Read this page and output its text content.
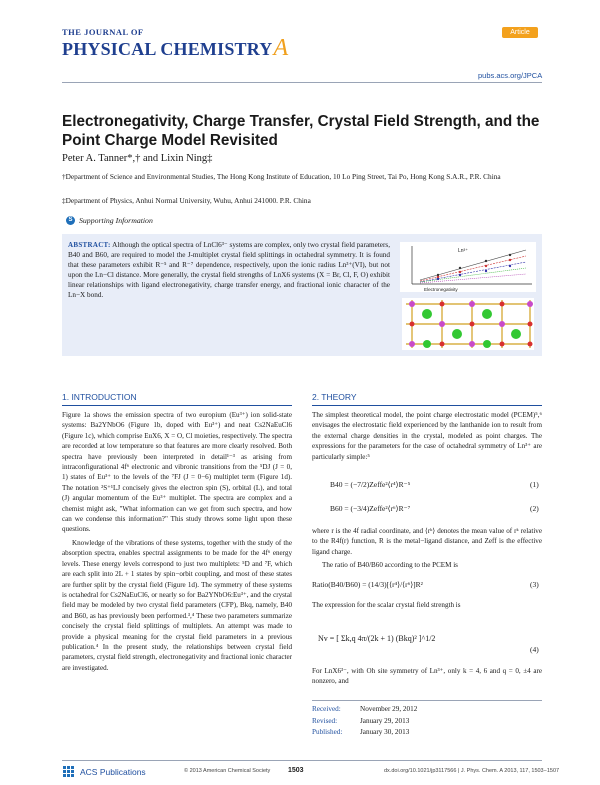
THE JOURNAL OF
PHYSICAL CHEMISTRYA
Article
pubs.acs.org/JPCA
Electronegativity, Charge Transfer, Crystal Field Strength, and the Point Charge Model Revisited
Peter A. Tanner*,† and Lixin Ning‡
†Department of Science and Environmental Studies, The Hong Kong Institute of Education, 10 Lo Ping Street, Tai Po, Hong Kong S.A.R., P.R. China
‡Department of Physics, Anhui Normal University, Wuhu, Anhui 241000. P.R. China
S Supporting Information
ABSTRACT: Although the optical spectra of LnCl6³⁻ systems are complex, only two crystal field parameters, B40 and B60, are required to model the J-multiplet crystal field splittings in octahedral symmetry. It is found that these parameters exhibit R⁻⁵ and R⁻⁷ dependence, respectively, upon the ionic radius Ln³⁺(VI), but not upon the Ln−Cl distance. More generally, the crystal field strengths of LnX6 systems (X = Br, Cl, F, O) exhibit linear relationships with ligand electronegativity, charge transfer energy, and fractional ionic character of the Ln−X bond.
Ln³⁺
Electronegativity
1. INTRODUCTION

Figure 1a shows the emission spectra of two europium (Eu³⁺) ion solid-state systems: Ba2YNbO6 (Figure 1b, doped with Eu³⁺) and neat Cs2NaEuCl6 (Figure 1c), which comprise EuX6, X = O, Cl moieties, respectively. The spectra are recorded at low temperature so that features are more clearly resolved. Both spectra have previously been interpreted in detail¹⁻³ as arising from intraconfigurational 4f⁶ electronic and vibronic transitions from the ⁵DJ (J = 0, 1) states of Eu³⁺ to the levels of the ⁷FJ (J = 0−6) multiplet term (Figure 1d). The notation ²S⁺¹LJ concisely gives the electron spin (S), orbital (L), and total (J) angular momentum of the Eu³⁺ multiplet. The spectra are complex and a chemist might ask, "What information can we get from such spectra, and how can we condense this information?" This study throws some light upon these questions.

Knowledge of the vibrations of these systems, together with the study of the absorption spectra, enables spectral assignments to be made for the 4f⁶ energy levels. These energy levels correspond to just two multiplets: ⁵D and ⁷F, which are each split into 2L + 1 states by spin−orbit coupling, and most of these states are further split by the crystal field (Figure 1d). The symmetry of these systems is octahedral for Cs2NaEuCl6, or nearly so for Ba2YNbO6:Eu³⁺, and the crystal field may be modeled by two crystal field parameters (CFP), Bkq, namely, B40 and B60, as has previously been performed.³,⁴ These two parameters summarize concisely the crystal field splittings of multiplets. An attempt was made to provide a physical meaning for the crystal field parameters in a previous publication.⁴ In the present study, the relationships between crystal field parameters, crystal field strength, electronegativity and fractional ionic character are investigated.

2. THEORY
The simplest theoretical model, the point charge electrostatic model (PCEM)⁵,⁶ envisages the electrostatic field experienced by the lanthanide ion to result from the external charge densities in the crystal, modeled as point charges. The expressions for the parameters for the case of octahedral symmetry of Ln³⁺ are particularly simple:⁵
B40 = (−7/2)Zeffe²⟨r⁴⟩R⁻⁵	(1)
B60 = (−3/4)Zeffe²⟨r⁶⟩R⁻⁷	(2)
where r is the 4f radial coordinate, and ⟨rᵏ⟩ denotes the mean value of rᵏ relative to the R4f(r) function, R is the metal−ligand distance, and Zeff is the effective ligand charge.
The ratio of B40/B60 according to the PCEM is
Ratio(B40/B60) = (14/3)[⟨r⁴⟩/⟨r⁶⟩]R²	(3)
The expression for the scalar crystal field strength is
Nv = [ Σk,q 4π/(2k + 1) (Bkq)² ]^1/2
(4)
For LnX6³⁻, with Oh site symmetry of Ln³⁺, only k = 4, 6 and q = 0, ±4 are nonzero, and
Received:	November 29, 2012
Revised:	January 29, 2013
Published: January 30, 2013
ACS Publications	© 2013 American Chemical Society	1503	dx.doi.org/10.1021/jp3117566 | J. Phys. Chem. A 2013, 117, 1503−1507
